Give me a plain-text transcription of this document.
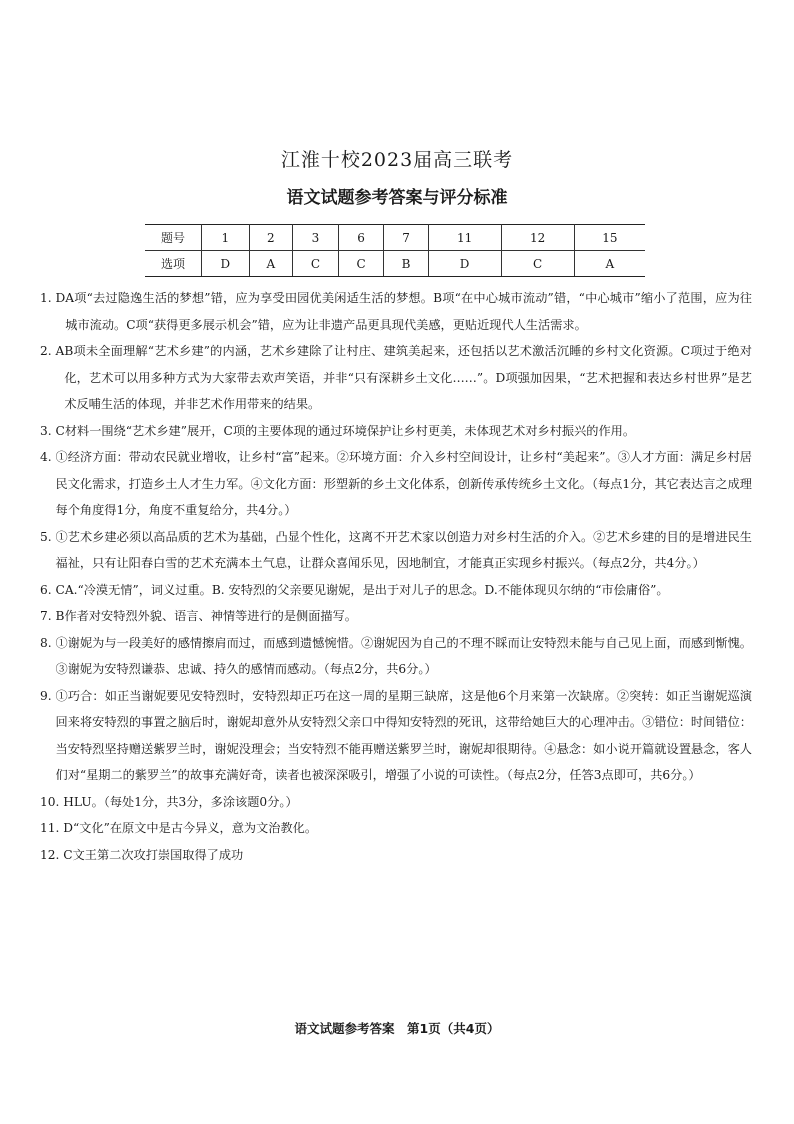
江淮十校2023届高三联考
语文试题参考答案与评分标准
题号	1	2	3	6	7	11	12	15
选项	D	A	C	C	B	D	C	A
1. D A项“去过隐逸生活的梦想”错，应为享受田园优美闲适生活的梦想。B项“在中心城市流动”错，“中心城市”缩小了范围，应为往城市流动。C项“获得更多展示机会”错，应为让非遗产品更具现代美感，更贴近现代人生活需求。
2. A B项未全面理解“艺术乡建”的内涵，艺术乡建除了让村庄、建筑美起来，还包括以艺术激活沉睡的乡村文化资源。C项过于绝对化，艺术可以用多种方式为大家带去欢声笑语，并非“只有深耕乡土文化……”。D项强加因果，“艺术把握和表达乡村世界”是艺术反哺生活的体现，并非艺术作用带来的结果。
3. C 材料一围绕“艺术乡建”展开，C项的主要体现的通过环境保护让乡村更美，未体现艺术对乡村振兴的作用。
4. ①经济方面：带动农民就业增收，让乡村“富”起来。②环境方面：介入乡村空间设计，让乡村“美起来”。③人才方面：满足乡村居民文化需求，打造乡土人才生力军。④文化方面：形塑新的乡土文化体系，创新传承传统乡土文化。（每点1分，其它表达言之成理每个角度得1分，角度不重复给分，共4分。）
5. ①艺术乡建必须以高品质的艺术为基础，凸显个性化，这离不开艺术家以创造力对乡村生活的介入。②艺术乡建的目的是增进民生福祉，只有让阳春白雪的艺术充满本土气息，让群众喜闻乐见，因地制宜，才能真正实现乡村振兴。（每点2分，共4分。）
6. C A.“冷漠无情”，词义过重。B. 安特烈的父亲要见谢妮，是出于对儿子的思念。D.不能体现贝尔纳的“市侩庸俗”。
7. B 作者对安特烈外貌、语言、神情等进行的是侧面描写。
8. ①谢妮为与一段美好的感情擦肩而过，而感到遗憾惋惜。②谢妮因为自己的不理不睬而让安特烈未能与自己见上面，而感到惭愧。③谢妮为安特烈谦恭、忠诚、持久的感情而感动。（每点2分，共6分。）
9. ①巧合：如正当谢妮要见安特烈时，安特烈却正巧在这一周的星期三缺席，这是他6个月来第一次缺席。②突转：如正当谢妮巡演回来将安特烈的事置之脑后时，谢妮却意外从安特烈父亲口中得知安特烈的死讯，这带给她巨大的心理冲击。③错位：时间错位：当安特烈坚持赠送紫罗兰时，谢妮没理会；当安特烈不能再赠送紫罗兰时，谢妮却很期待。④悬念：如小说开篇就设置悬念，客人们对“星期二的紫罗兰”的故事充满好奇，读者也被深深吸引，增强了小说的可读性。（每点2分，任答3点即可，共6分。）
10. HLU。（每处1分，共3分，多涂该题0分。）
11. D “文化”在原文中是古今异义，意为文治教化。
12. C 文王第二次攻打崇国取得了成功
语文试题参考答案　第1页（共4页）
